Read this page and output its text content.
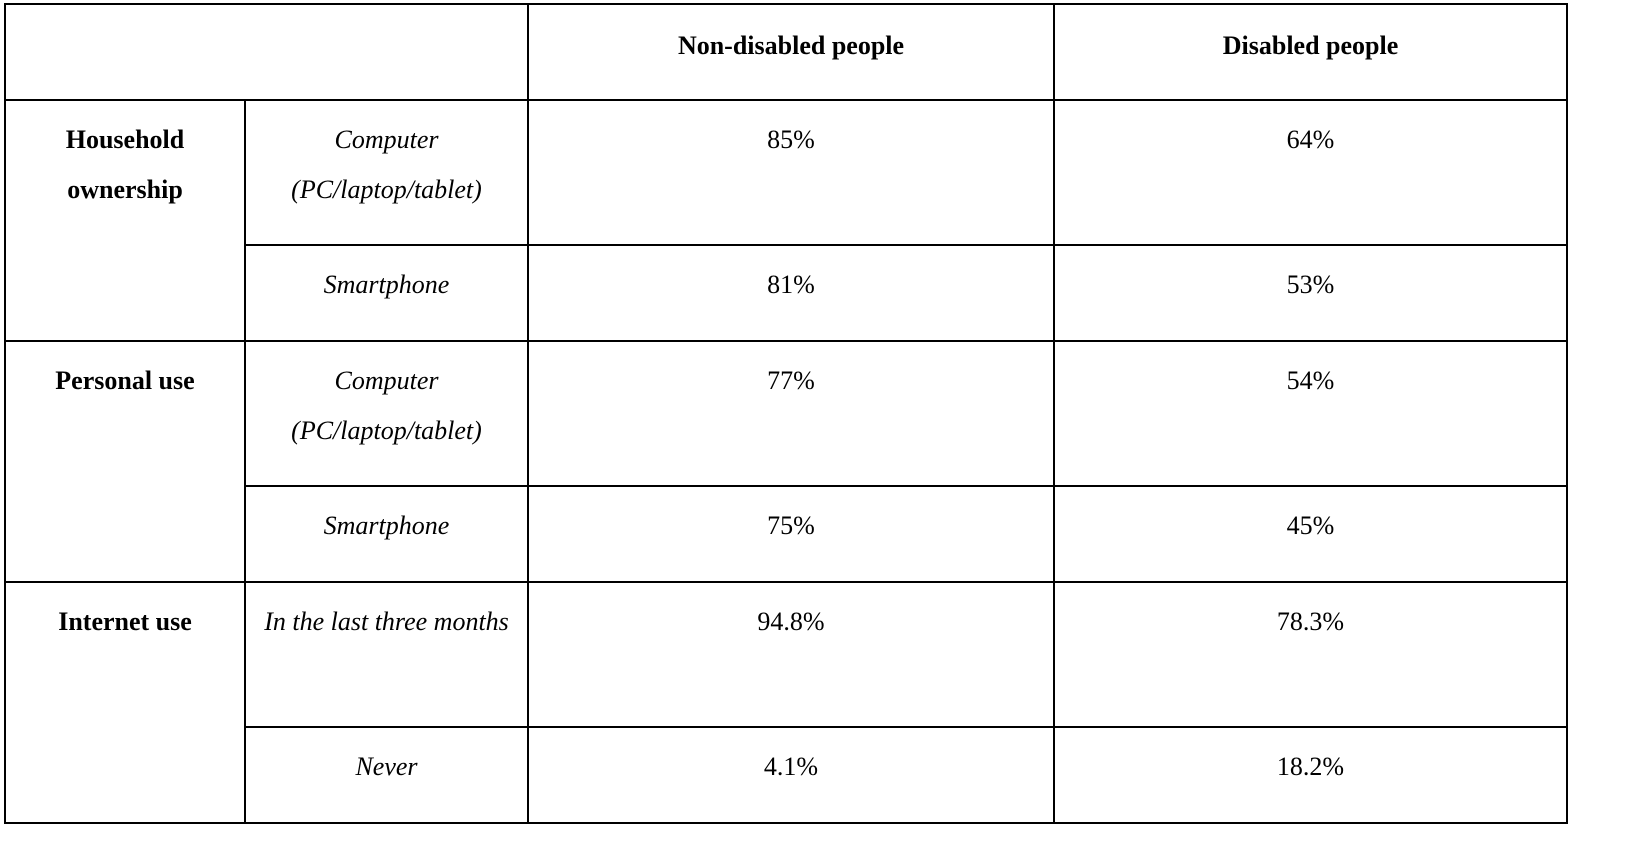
		Non-disabled people	Disabled people
Household ownership	Computer (PC/laptop/tablet)	85%	64%
	Smartphone	81%	53%
Personal use	Computer (PC/laptop/tablet)	77%	54%
	Smartphone	75%	45%
Internet use	In the last three months	94.8%	78.3%
	Never	4.1%	18.2%
